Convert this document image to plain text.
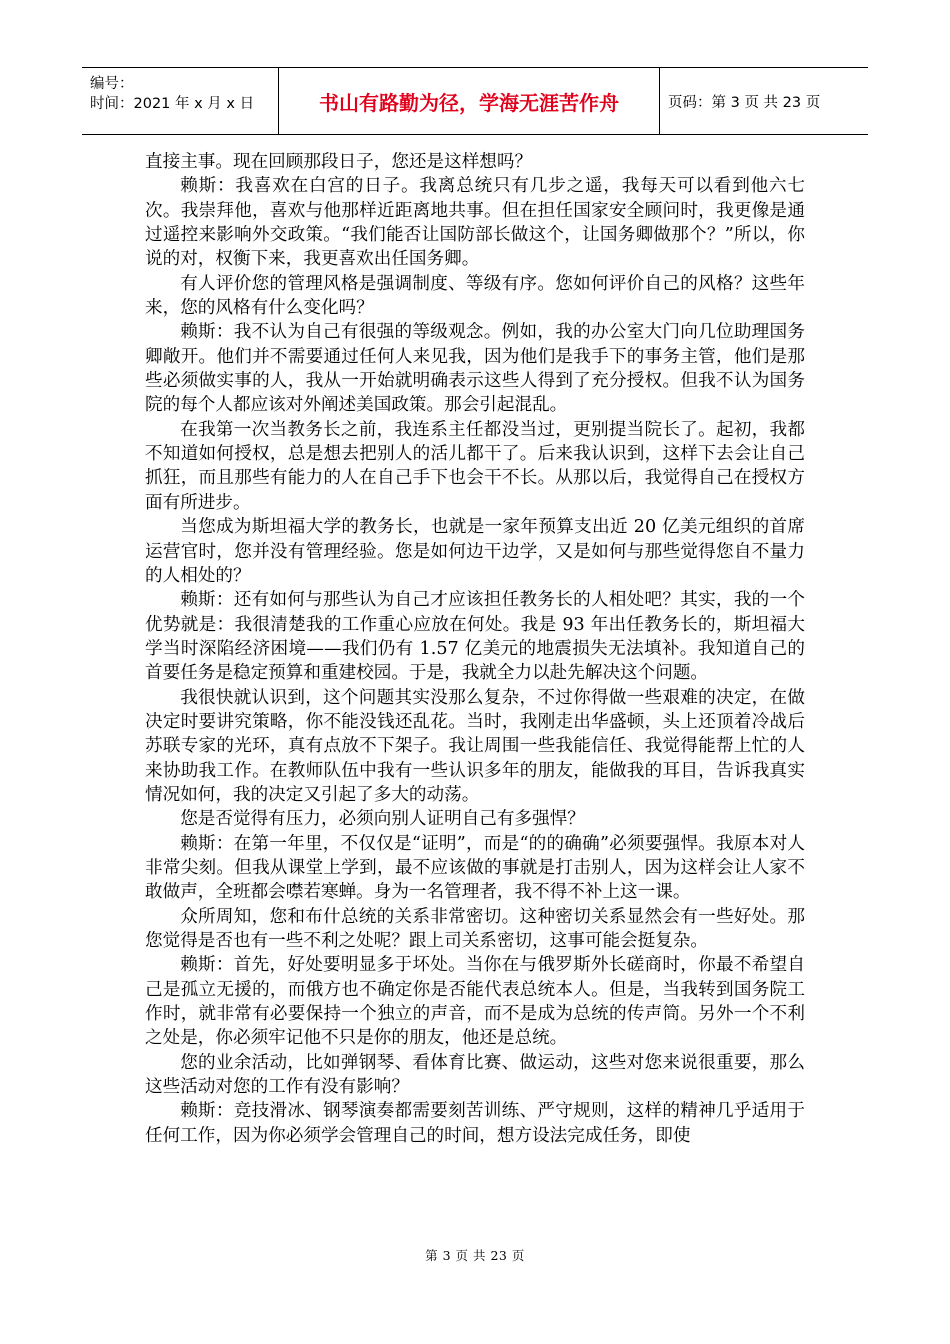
编号：
时间：2021 年 x 月 x 日	书山有路勤为径，学海无涯苦作舟	页码：第 3 页 共 23 页

直接主事。现在回顾那段日子，您还是这样想吗？

赖斯：我喜欢在白宫的日子。我离总统只有几步之遥，我每天可以看到他六七次。我崇拜他，喜欢与他那样近距离地共事。但在担任国家安全顾问时，我更像是通过遥控来影响外交政策。“我们能否让国防部长做这个，让国务卿做那个？”所以，你说的对，权衡下来，我更喜欢出任国务卿。

有人评价您的管理风格是强调制度、等级有序。您如何评价自己的风格？这些年来，您的风格有什么变化吗？

赖斯：我不认为自己有很强的等级观念。例如，我的办公室大门向几位助理国务卿敞开。他们并不需要通过任何人来见我，因为他们是我手下的事务主管，他们是那些必须做实事的人，我从一开始就明确表示这些人得到了充分授权。但我不认为国务院的每个人都应该对外阐述美国政策。那会引起混乱。

在我第一次当教务长之前，我连系主任都没当过，更别提当院长了。起初，我都不知道如何授权，总是想去把别人的活儿都干了。后来我认识到，这样下去会让自己抓狂，而且那些有能力的人在自己手下也会干不长。从那以后，我觉得自己在授权方面有所进步。

当您成为斯坦福大学的教务长，也就是一家年预算支出近 20 亿美元组织的首席运营官时，您并没有管理经验。您是如何边干边学，又是如何与那些觉得您自不量力的人相处的？

赖斯：还有如何与那些认为自己才应该担任教务长的人相处吧？其实，我的一个优势就是：我很清楚我的工作重心应放在何处。我是 93 年出任教务长的，斯坦福大学当时深陷经济困境——我们仍有 1.57 亿美元的地震损失无法填补。我知道自己的首要任务是稳定预算和重建校园。于是，我就全力以赴先解决这个问题。

我很快就认识到，这个问题其实没那么复杂，不过你得做一些艰难的决定，在做决定时要讲究策略，你不能没钱还乱花。当时，我刚走出华盛顿，头上还顶着冷战后苏联专家的光环，真有点放不下架子。我让周围一些我能信任、我觉得能帮上忙的人来协助我工作。在教师队伍中我有一些认识多年的朋友，能做我的耳目，告诉我真实情况如何，我的决定又引起了多大的动荡。

您是否觉得有压力，必须向别人证明自己有多强悍？

赖斯：在第一年里，不仅仅是“证明”，而是“的的确确”必须要强悍。我原本对人非常尖刻。但我从课堂上学到，最不应该做的事就是打击别人，因为这样会让人家不敢做声，全班都会噤若寒蝉。身为一名管理者，我不得不补上这一课。

众所周知，您和布什总统的关系非常密切。这种密切关系显然会有一些好处。那您觉得是否也有一些不利之处呢？跟上司关系密切，这事可能会挺复杂。

赖斯：首先，好处要明显多于坏处。当你在与俄罗斯外长磋商时，你最不希望自己是孤立无援的，而俄方也不确定你是否能代表总统本人。但是，当我转到国务院工作时，就非常有必要保持一个独立的声音，而不是成为总统的传声筒。另外一个不利之处是，你必须牢记他不只是你的朋友，他还是总统。

您的业余活动，比如弹钢琴、看体育比赛、做运动，这些对您来说很重要，那么这些活动对您的工作有没有影响？

赖斯：竞技滑冰、钢琴演奏都需要刻苦训练、严守规则，这样的精神几乎适用于任何工作，因为你必须学会管理自己的时间，想方设法完成任务，即使

第 3 页 共 23 页
